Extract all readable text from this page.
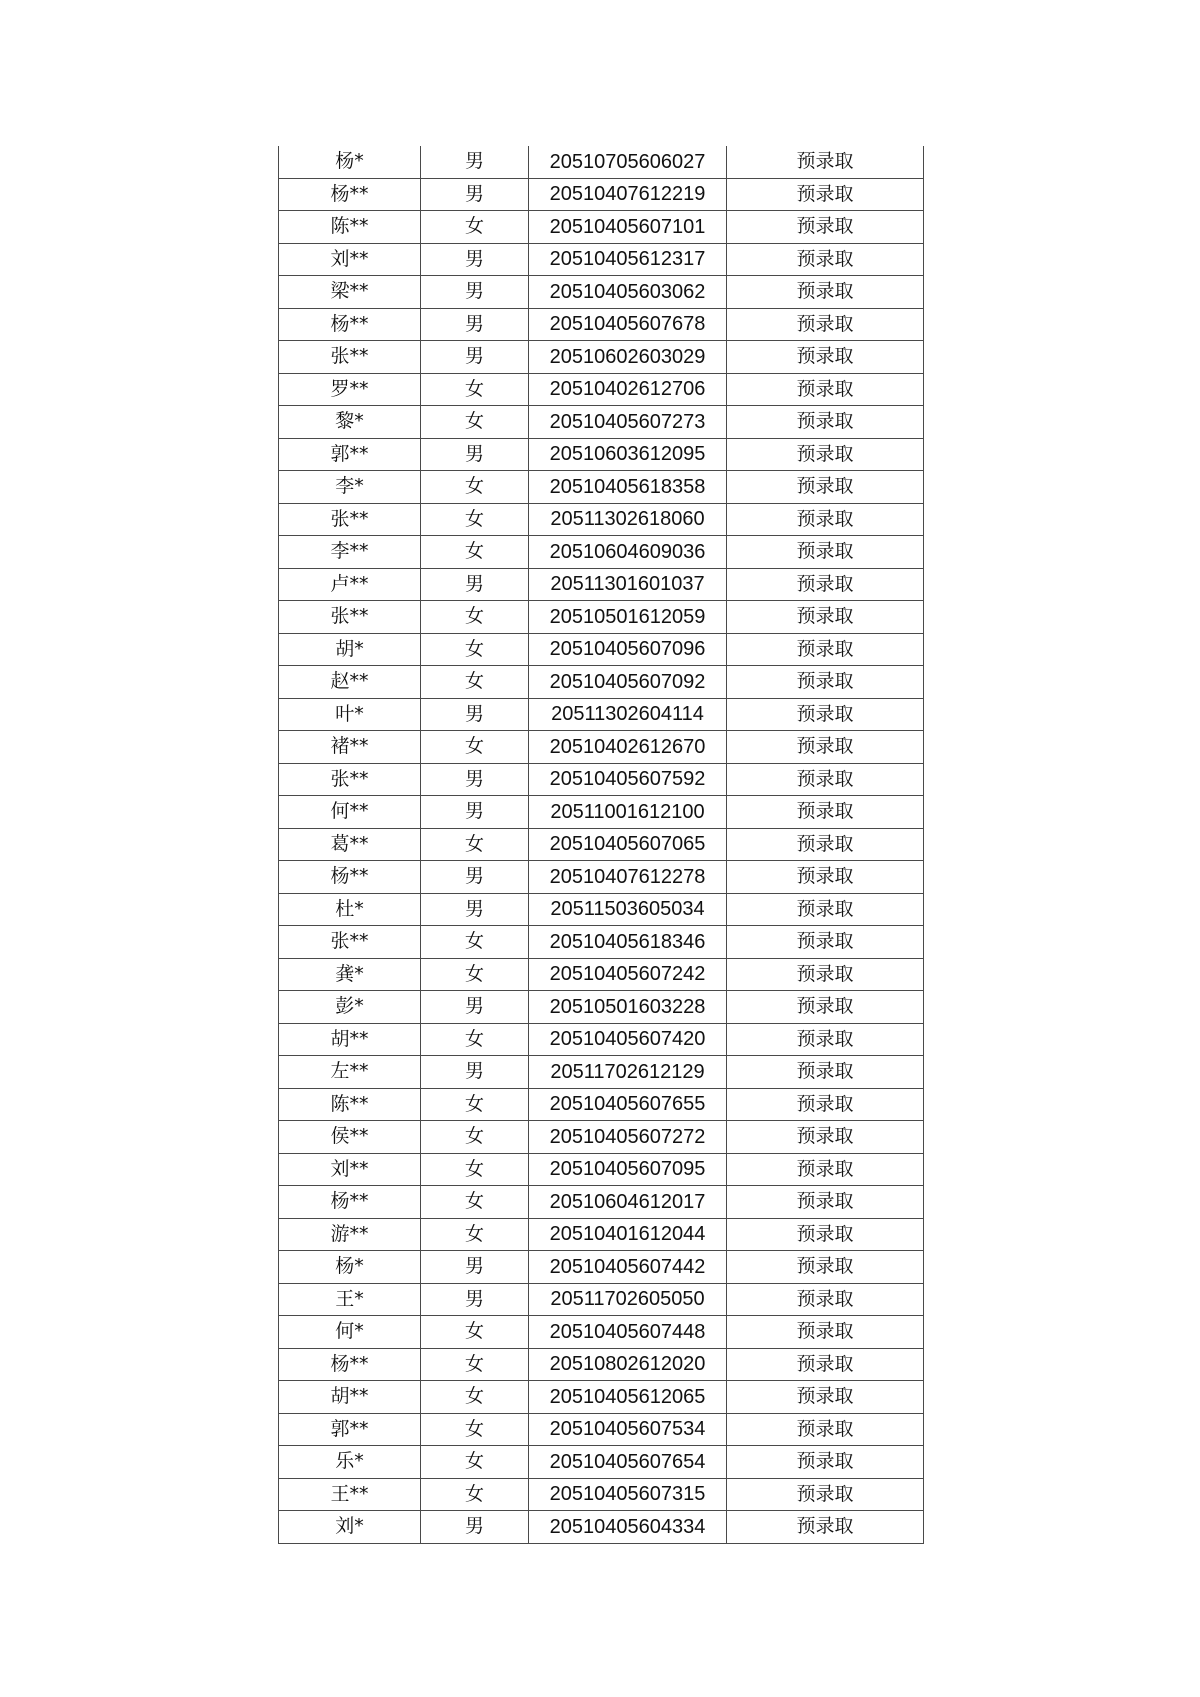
杨*	男	20510705606027	预录取
杨**	男	20510407612219	预录取
陈**	女	20510405607101	预录取
刘**	男	20510405612317	预录取
梁**	男	20510405603062	预录取
杨**	男	20510405607678	预录取
张**	男	20510602603029	预录取
罗**	女	20510402612706	预录取
黎*	女	20510405607273	预录取
郭**	男	20510603612095	预录取
李*	女	20510405618358	预录取
张**	女	20511302618060	预录取
李**	女	20510604609036	预录取
卢**	男	20511301601037	预录取
张**	女	20510501612059	预录取
胡*	女	20510405607096	预录取
赵**	女	20510405607092	预录取
叶*	男	20511302604114	预录取
褚**	女	20510402612670	预录取
张**	男	20510405607592	预录取
何**	男	20511001612100	预录取
葛**	女	20510405607065	预录取
杨**	男	20510407612278	预录取
杜*	男	20511503605034	预录取
张**	女	20510405618346	预录取
龚*	女	20510405607242	预录取
彭*	男	20510501603228	预录取
胡**	女	20510405607420	预录取
左**	男	20511702612129	预录取
陈**	女	20510405607655	预录取
侯**	女	20510405607272	预录取
刘**	女	20510405607095	预录取
杨**	女	20510604612017	预录取
游**	女	20510401612044	预录取
杨*	男	20510405607442	预录取
王*	男	20511702605050	预录取
何*	女	20510405607448	预录取
杨**	女	20510802612020	预录取
胡**	女	20510405612065	预录取
郭**	女	20510405607534	预录取
乐*	女	20510405607654	预录取
王**	女	20510405607315	预录取
刘*	男	20510405604334	预录取
